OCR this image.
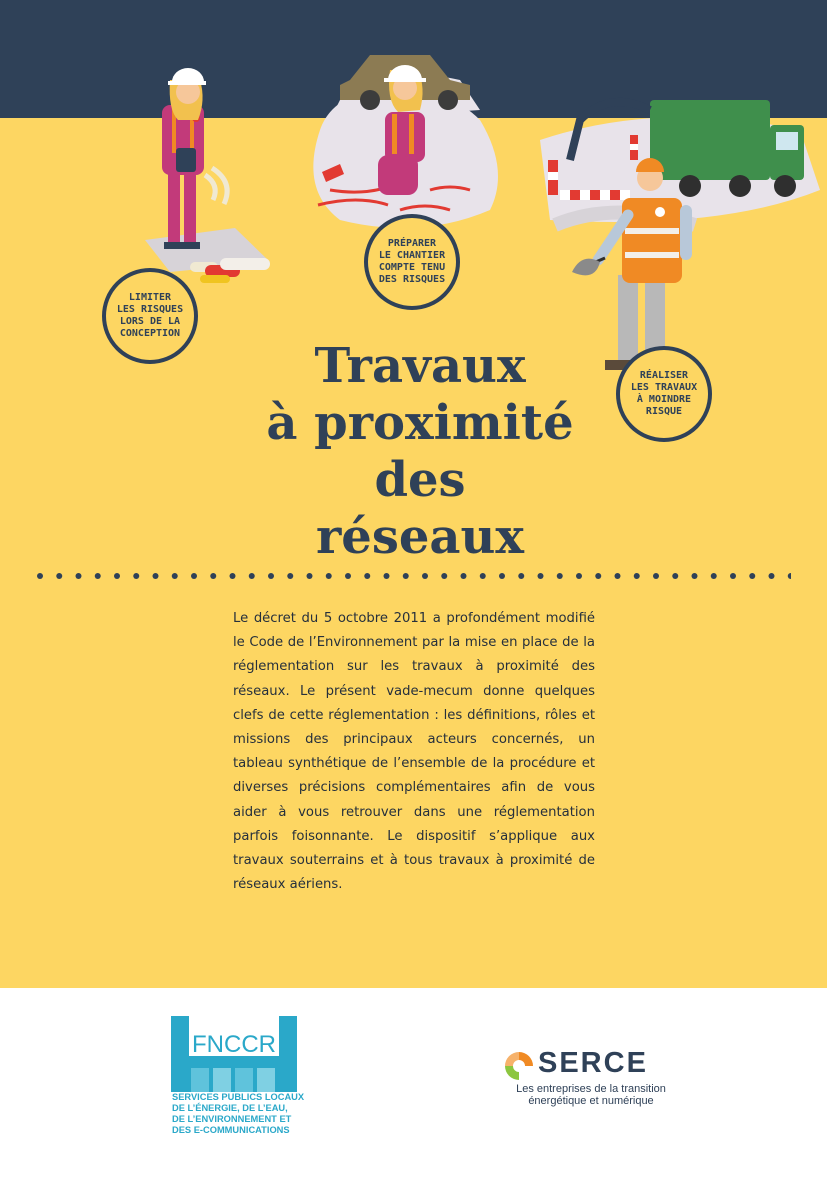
LIMITER
LES RISQUES
LORS DE LA
CONCEPTION
PRÉPARER
LE CHANTIER
COMPTE TENU
DES RISQUES
RÉALISER
LES TRAVAUX
À MOINDRE
RISQUE
Travaux
à proximité
des
réseaux
Le décret du 5 octobre 2011 a profondément modifié le Code de l’Environnement par la mise en place de la réglementation sur les travaux à proximité des réseaux. Le présent vade-mecum donne quelques clefs de cette réglementation : les définitions, rôles et missions des principaux acteurs concernés, un tableau synthétique de l’ensemble de la procédure et diverses précisions complémentaires afin de vous aider à vous retrouver dans une réglementation parfois foisonnante. Le dispositif s’applique aux travaux souterrains et à tous travaux à proximité de réseaux aériens.
FNCCR
SERVICES PUBLICS LOCAUX
DE L’ÉNERGIE, DE L’EAU,
DE L’ENVIRONNEMENT ET
DES E-COMMUNICATIONS
SERCE
Les entreprises de la transition
énergétique et numérique
